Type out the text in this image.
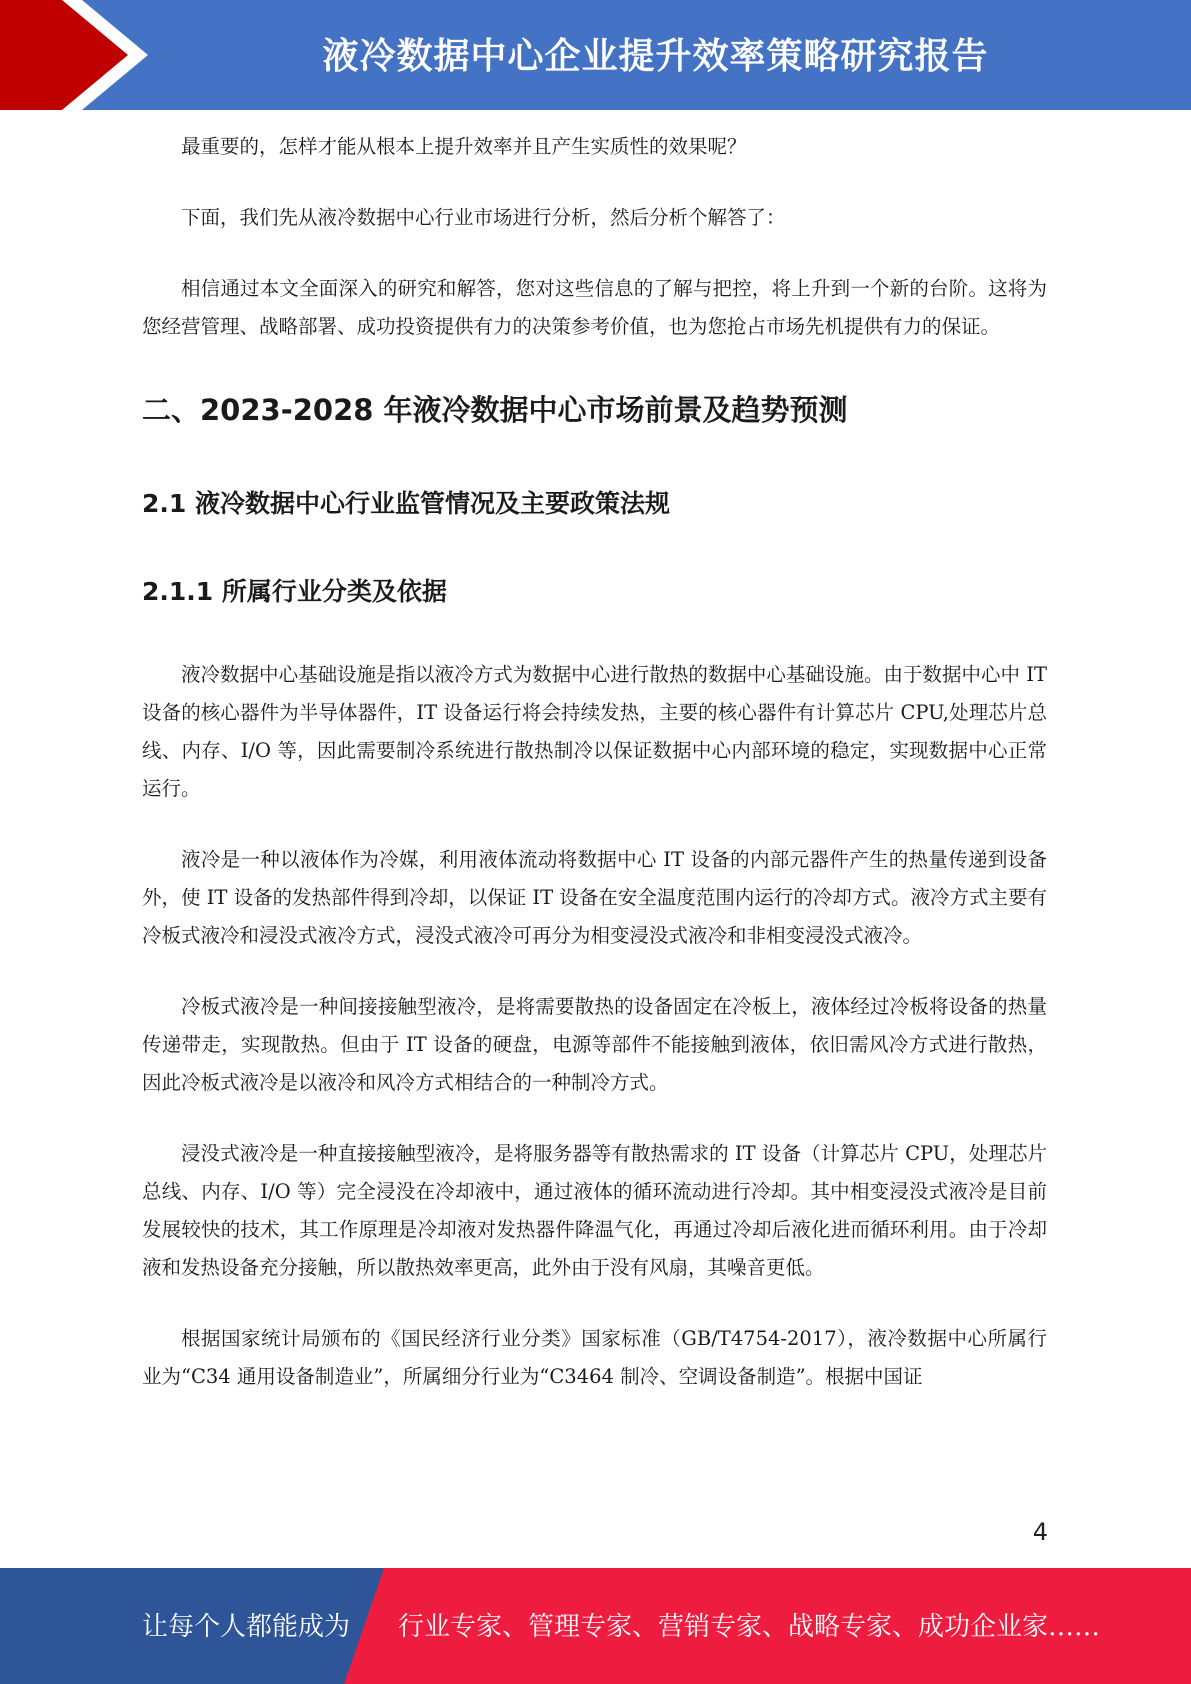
液冷数据中心企业提升效率策略研究报告

最重要的，怎样才能从根本上提升效率并且产生实质性的效果呢？

下面，我们先从液冷数据中心行业市场进行分析，然后分析个解答了：

相信通过本文全面深入的研究和解答，您对这些信息的了解与把控，将上升到一个新的台阶。这将为您经营管理、战略部署、成功投资提供有力的决策参考价值，也为您抢占市场先机提供有力的保证。

二、2023-2028 年液冷数据中心市场前景及趋势预测
2.1 液冷数据中心行业监管情况及主要政策法规
2.1.1 所属行业分类及依据

液冷数据中心基础设施是指以液冷方式为数据中心进行散热的数据中心基础设施。由于数据中心中 IT 设备的核心器件为半导体器件，IT 设备运行将会持续发热，主要的核心器件有计算芯片 CPU,处理芯片总线、内存、I/O 等，因此需要制冷系统进行散热制冷以保证数据中心内部环境的稳定，实现数据中心正常运行。

液冷是一种以液体作为冷媒，利用液体流动将数据中心 IT 设备的内部元器件产生的热量传递到设备外，使 IT 设备的发热部件得到冷却，以保证 IT 设备在安全温度范围内运行的冷却方式。液冷方式主要有冷板式液冷和浸没式液冷方式，浸没式液冷可再分为相变浸没式液冷和非相变浸没式液冷。

冷板式液冷是一种间接接触型液冷，是将需要散热的设备固定在冷板上，液体经过冷板将设备的热量传递带走，实现散热。但由于 IT 设备的硬盘，电源等部件不能接触到液体，依旧需风冷方式进行散热，因此冷板式液冷是以液冷和风冷方式相结合的一种制冷方式。

浸没式液冷是一种直接接触型液冷，是将服务器等有散热需求的 IT 设备（计算芯片 CPU，处理芯片总线、内存、I/O 等）完全浸没在冷却液中，通过液体的循环流动进行冷却。其中相变浸没式液冷是目前发展较快的技术，其工作原理是冷却液对发热器件降温气化，再通过冷却后液化进而循环利用。由于冷却液和发热设备充分接触，所以散热效率更高，此外由于没有风扇，其噪音更低。

根据国家统计局颁布的《国民经济行业分类》国家标准（GB/T4754-2017），液冷数据中心所属行业为“C34 通用设备制造业”，所属细分行业为“C3464 制冷、空调设备制造”。根据中国证

4
让每个人都能成为 行业专家、管理专家、营销专家、战略专家、成功企业家……
